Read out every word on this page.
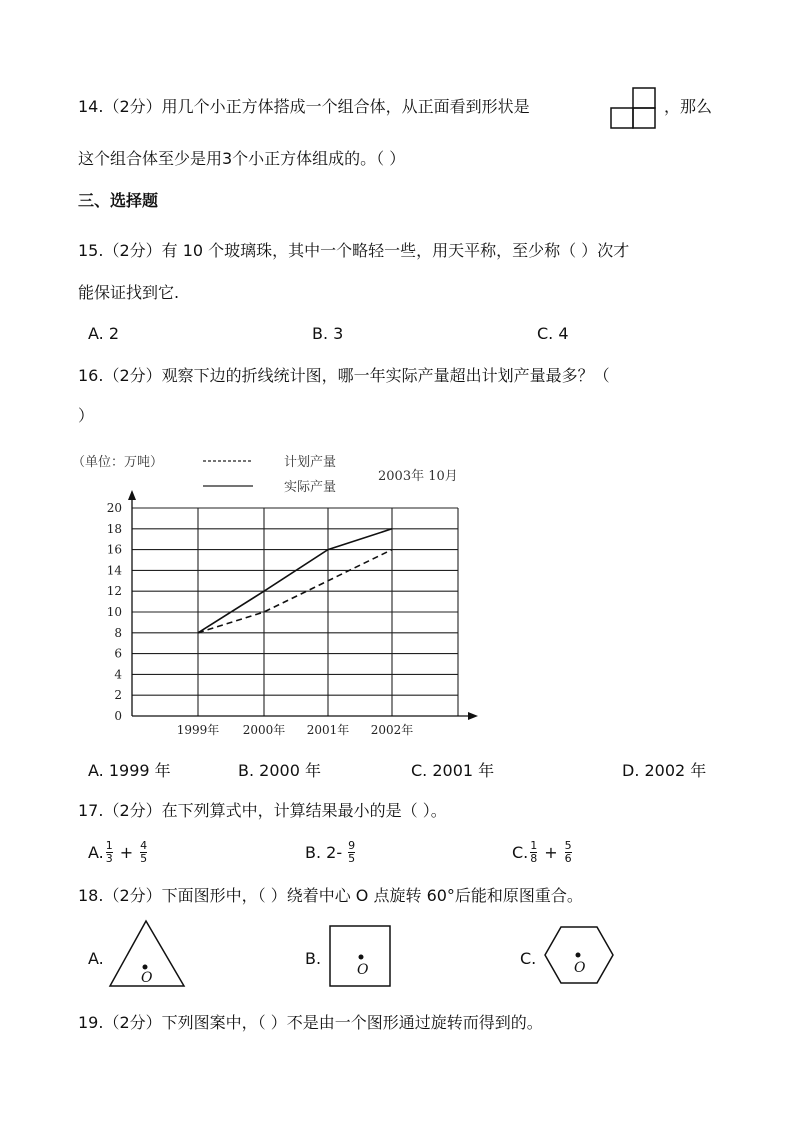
14.（2分）用几个小正方体搭成一个组合体，从正面看到形状是	，那么
这个组合体至少是用3个小正方体组成的。（ ）
三、选择题
15.（2分）有 10 个玻璃珠，其中一个略轻一些，用天平称，至少称（ ）次才
能保证找到它.
A. 2	B. 3	C. 4
16.（2分）观察下边的折线统计图，哪一年实际产量超出计划产量最多？（
）
0
2
4
6
8
10
12
14
16
18
20
1999年 2000年 2001年 2002年
（单位：万吨）	计划产量
实际产量
2003年 10月
A. 1999 年	B. 2000 年	C. 2001 年	D. 2002 年
17.（2分）在下列算式中，计算结果最小的是（ ）。
A. $\frac{1}{3} + \frac{4}{5}$	B. $2- \frac{9}{5}$	C. $\frac{1}{8} + \frac{5}{6}$
18.（2分）下面图形中，（ ）绕着中心 O 点旋转 60°后能和原图重合。
A.
O
B.
O
C.	O
19.（2分）下列图案中，（ ）不是由一个图形通过旋转而得到的。
